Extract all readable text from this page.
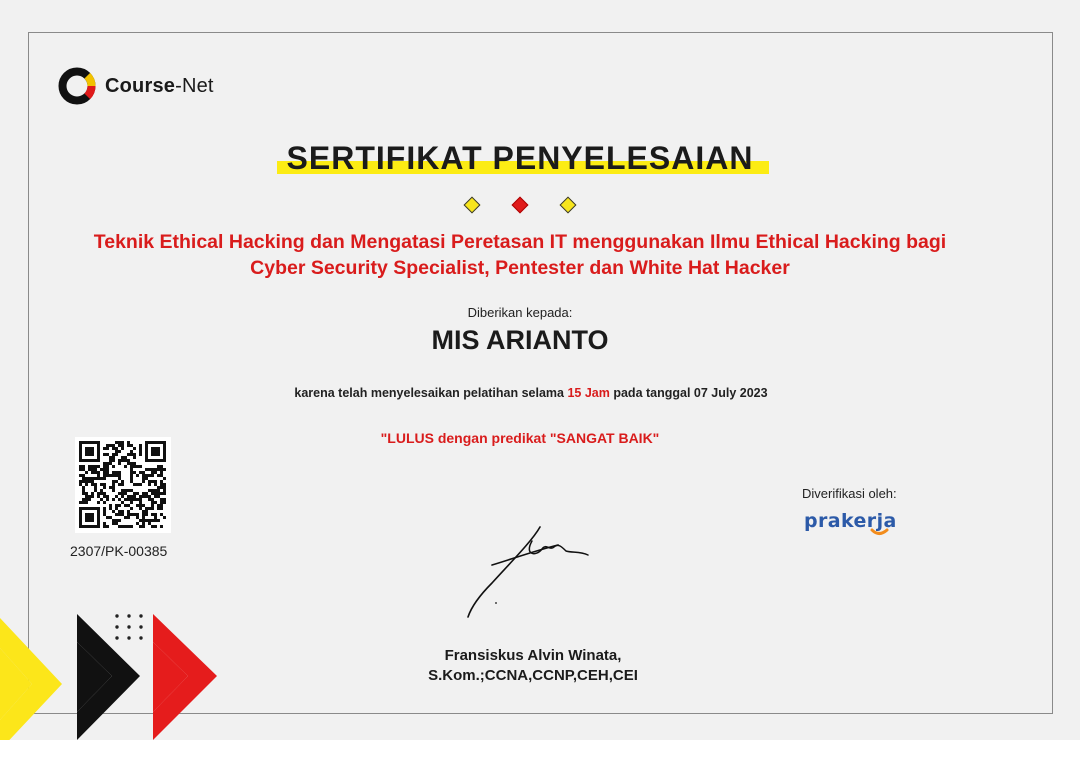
Course-Net
SERTIFIKAT PENYELESAIAN
Teknik Ethical Hacking dan Mengatasi Peretasan IT menggunakan Ilmu Ethical Hacking bagi
Cyber Security Specialist, Pentester dan White Hat Hacker
Diberikan kepada:
MIS ARIANTO
karena telah menyelesaikan pelatihan selama 15 Jam pada tanggal 07 July 2023
"LULUS dengan predikat "SANGAT BAIK"
2307/PK-00385
Diverifikasi oleh:
prakerja
Fransiskus Alvin Winata,
S.Kom.;CCNA,CCNP,CEH,CEI
